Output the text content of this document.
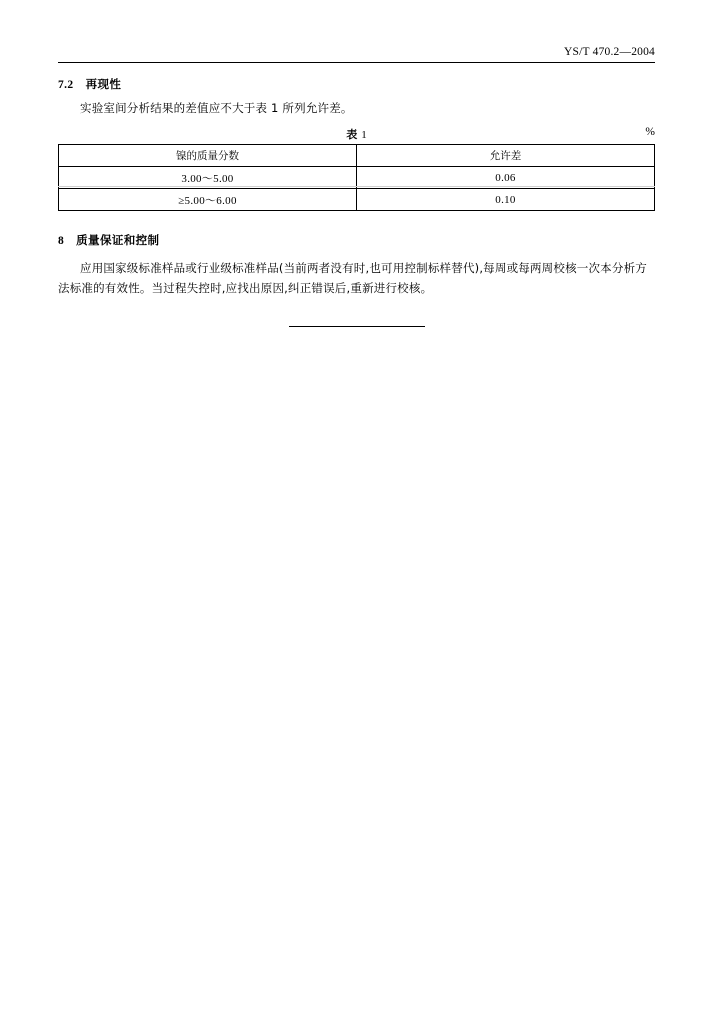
YS/T 470.2—2004
7.2 再现性
实验室间分析结果的差值应不大于表 1 所列允许差。
表 1	%
镍的质量分数	允许差
3.00～5.00	0.06
≥5.00～6.00	0.10
8 质量保证和控制
应用国家级标准样品或行业级标准样品(当前两者没有时,也可用控制标样替代),每周或每两周校核一次本分析方法标准的有效性。当过程失控时,应找出原因,纠正错误后,重新进行校核。
